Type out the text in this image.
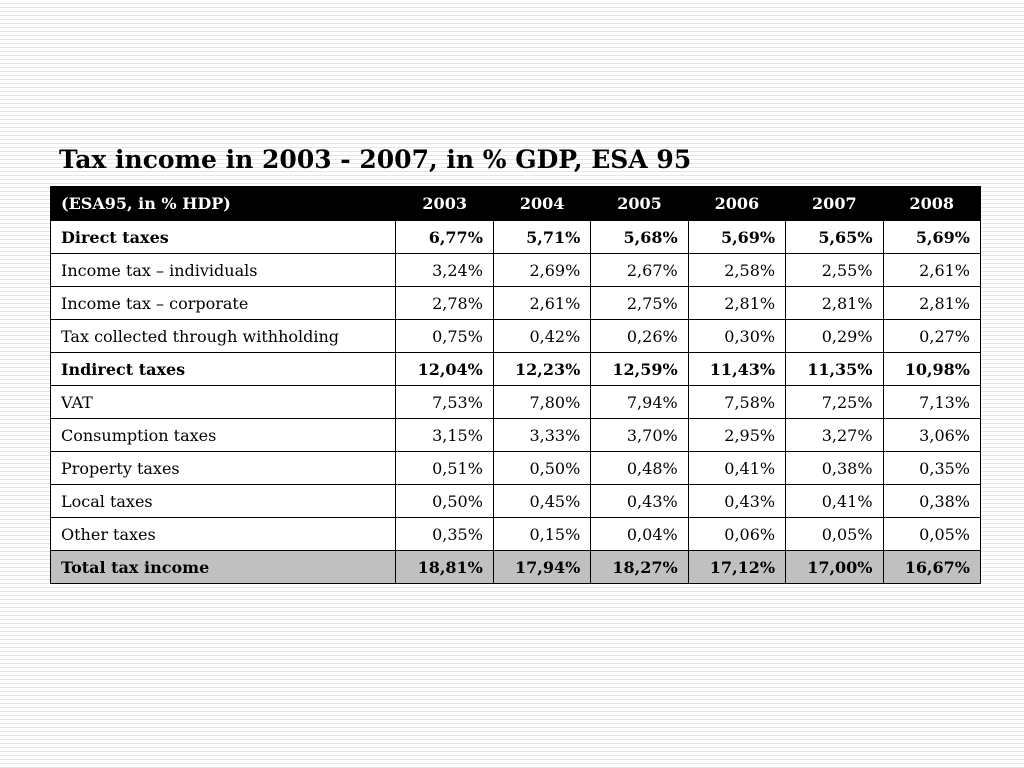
Tax income in 2003 - 2007, in % GDP, ESA 95
(ESA95, in % HDP)	2003	2004	2005	2006	2007	2008
Direct taxes	6,77%	5,71%	5,68%	5,69%	5,65%	5,69%
Income tax – individuals	3,24%	2,69%	2,67%	2,58%	2,55%	2,61%
Income tax – corporate	2,78%	2,61%	2,75%	2,81%	2,81%	2,81%
Tax collected through withholding	0,75%	0,42%	0,26%	0,30%	0,29%	0,27%
Indirect taxes	12,04%	12,23%	12,59%	11,43%	11,35%	10,98%
VAT	7,53%	7,80%	7,94%	7,58%	7,25%	7,13%
Consumption taxes	3,15%	3,33%	3,70%	2,95%	3,27%	3,06%
Property taxes	0,51%	0,50%	0,48%	0,41%	0,38%	0,35%
Local taxes	0,50%	0,45%	0,43%	0,43%	0,41%	0,38%
Other taxes	0,35%	0,15%	0,04%	0,06%	0,05%	0,05%
Total tax income	18,81%	17,94%	18,27%	17,12%	17,00%	16,67%
